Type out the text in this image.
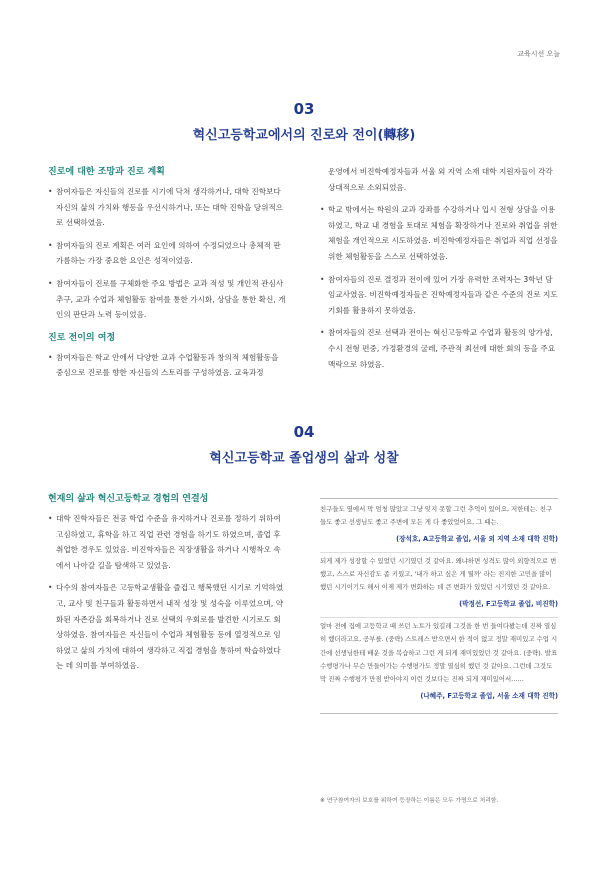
교육시선 오늘
03
혁신고등학교에서의 진로와 전이(轉移)
진로에 대한 조망과 진로 계획
• 참여자들은 자신들의 진로를 시기에 닥쳐 생각하거나, 대학 진학보다 자신의 삶의 가치와 행동을 우선시하거나, 또는 대학 진학을 당위적으로 선택하였음.
• 참여자들의 진로 계획은 여러 요인에 의하여 수정되었으나 총체적 판가름하는 가장 중요한 요인은 성적이었음.
• 참여자들이 진로를 구체화한 주요 방법은 교과 적성 및 개인적 관심사 추구, 교과 수업과 체험활동 참여를 통한 가시화, 상담을 통한 확신, 개인의 판단과 노력 등이었음.
진로 전이의 여정
• 참여자들은 학교 안에서 다양한 교과 수업활동과 창의적 체험활동을 중심으로 진로를 향한 자신들의 스토리를 구성하였음. 교육과정
운영에서 비진학예정자들과 서울 외 지역 소재 대학 지원자들이 각각 상대적으로 소외되었음.
• 학교 밖에서는 학원의 교과 강좌를 수강하거나 입시 전형 상담을 이용하였고, 학교 내 경험을 토대로 체험을 확장하거나 진로와 취업을 위한 체험을 개인적으로 시도하였음. 비진학예정자들은 취업과 직업 선정을 위한 체험활동을 스스로 선택하였음.
• 참여자들의 진로 결정과 전이에 있어 가장 유력한 조력자는 3학년 담임교사였음. 비진학예정자들은 진학예정자들과 같은 수준의 진로 지도 기회를 활용하지 못하였음.
• 참여자들의 진로 선택과 전이는 혁신고등학교 수업과 활동의 양가성, 수시 전형 편중, 가정환경의 굴레, 주관적 최선에 대한 회의 등을 주요 맥락으로 하였음.
04
혁신고등학교 졸업생의 삶과 성찰
현재의 삶과 혁신고등학교 경험의 연결성
• 대학 진학자들은 전공 학업 수준을 유지하거나 진로를 정하기 위하여 고심하였고, 휴학을 하고 직업 관련 경험을 하기도 하였으며, 졸업 후 취업한 경우도 있었음. 비진학자들은 직장생활을 하거나 시행착오 속에서 나아갈 길을 탐색하고 있었음.
• 다수의 참여자들은 고등학교생활을 즐겁고 행복했던 시기로 기억하였고, 교사 및 친구들과 활동하면서 내적 성장 및 성숙을 이루었으며, 약화된 자존감을 회복하거나 진로 선택의 우회로를 발견한 시기로도 회상하였음. 참여자들은 자신들이 수업과 체험활동 등에 열정적으로 임하였고 삶의 가치에 대하여 생각하고 직접 경험을 통하여 학습하였다는 데 의미를 부여하였음.
친구들도 옆에서 막 엄청 많았고 그냥 잊지 못할 그런 추억이 있어요, 저한테는. 친구들도 좋고 선생님도 좋고 주변에 모든 게 다 좋았었어요, 그 때는.
(장석호, A고등학교 졸업, 서울 외 지역 소재 대학 진학)
되게 제가 성장할 수 있었던 시기였던 것 같아요. 왜냐하면 성격도 많이 외향적으로 변했고, 스스로 자신감도 좀 키웠고, '내가 하고 싶은 게 뭘까' 라는 진지한 고민을 많이 했던 시기이기도 해서 이제 제가 변화하는 데 큰 변화가 있었던 시기였던 것 같아요.
(박정선, F고등학교 졸업, 비진학)
얼마 전에 집에 고등학교 때 쓰던 노트가 있길래 그것을 한 번 들여다봤는데 진짜 열심히 했더라고요, 공부를. (중략) 스트레스 받으면서 한 적이 없고 정말 재미있고 수업 시간에 선생님한테 배운 것을 복습하고 그런 게 되게 재미있었던 것 같아요. (중략). 발표 수행평가나 무슨 만들어가는 수행평가도 정말 열심히 했던 것 같아요. 그런데 그것도 막 진짜 수행평가 만점 받아야지 이런 것보다는 진짜 되게 재미있어서……
(나혜주, F고등학교 졸업, 서울 소재 대학 진학)
※ 연구참여자의 보호를 위하여 등장하는 이름은 모두 가명으로 처리함.
